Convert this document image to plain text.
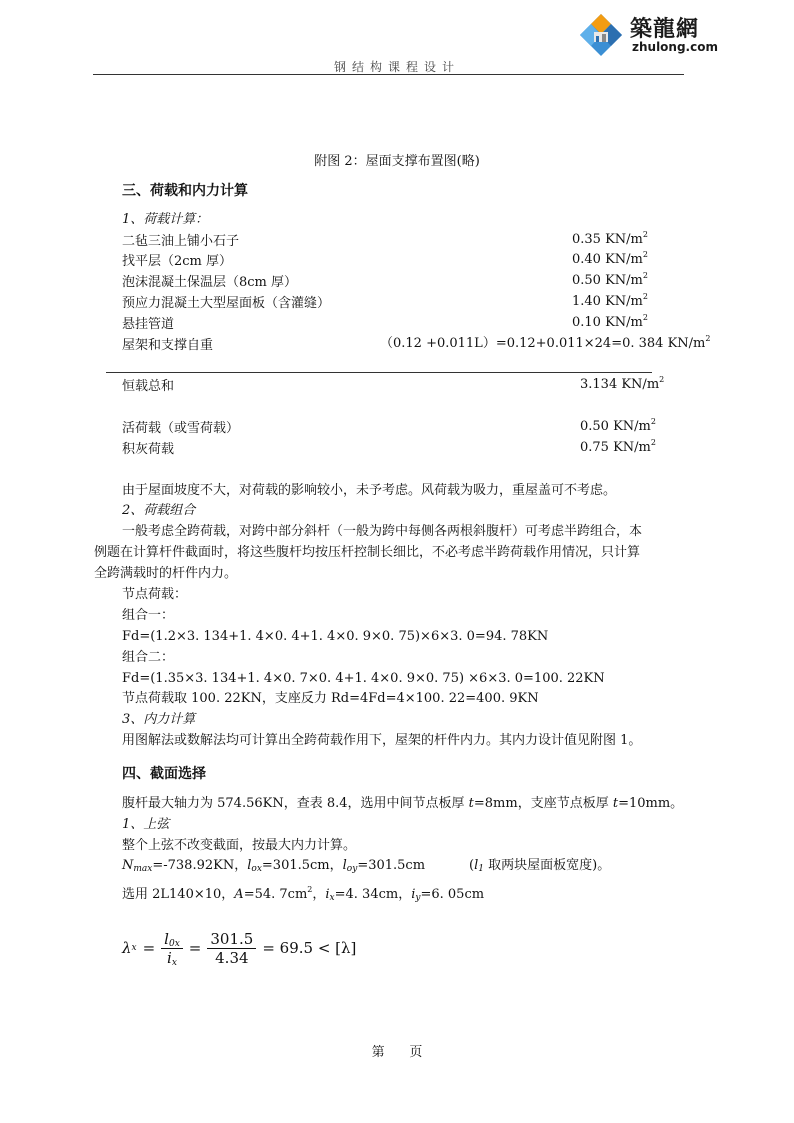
钢结构课程设计
築龍網
zhulong.com
附图 2：屋面支撑布置图(略)
三、荷载和内力计算
1、荷载计算：
二毡三油上铺小石子	0.35 $KN/m^2$
找平层（2cm 厚）	0.40 $KN/m^2$
泡沫混凝土保温层（8cm 厚）	0.50 $KN/m^2$
预应力混凝土大型屋面板（含灌缝）	1.40 $KN/m^2$
悬挂管道	0.10 $KN/m^2$
屋架和支撑自重	（0.12 +0.011L）=0.12+0.011×24=0. 384 $KN/m^2$
恒载总和	3.134 $KN/m^2$
活荷载（或雪荷载）	0.50 $KN/m^2$
积灰荷载	0.75 $KN/m^2$
由于屋面坡度不大，对荷载的影响较小，未予考虑。风荷载为吸力，重屋盖可不考虑。
2、荷载组合
一般考虑全跨荷载，对跨中部分斜杆（一般为跨中每侧各两根斜腹杆）可考虑半跨组合，本
例题在计算杆件截面时，将这些腹杆均按压杆控制长细比，不必考虑半跨荷载作用情况，只计算
全跨满载时的杆件内力。
节点荷载：
组合一：
Fd=(1.2×3. 134+1. 4×0. 4+1. 4×0. 9×0. 75)×6×3. 0=94. 78KN
组合二：
Fd=(1.35×3. 134+1. 4×0. 7×0. 4+1. 4×0. 9×0. 75) ×6×3. 0=100. 22KN
节点荷载取 100. 22KN，支座反力 Rd=4Fd=4×100. 22=400. 9KN
3、内力计算
用图解法或数解法均可计算出全跨荷载作用下，屋架的杆件内力。其内力设计值见附图 1。
四、截面选择
腹杆最大轴力为 574.56KN，查表 8.4，选用中间节点板厚 t=8mm，支座节点板厚 t=10mm。
1、上弦
整个上弦不改变截面，按最大内力计算。
$N_{max}=-738.92KN$，$l_{ox}=301.5cm$，$l_{oy}=301.5cm$	($l_1$ 取两块屋面板宽度)。
选用 2L140×10，A=54. $7cm^2$，$i_x=4$. 34cm，$i_y=6$. 05cm
λ $x = \frac{l_{0x}}{i_x} = \frac{301.5}{4.34} = 69.5 < [\lambda]$
第      页
